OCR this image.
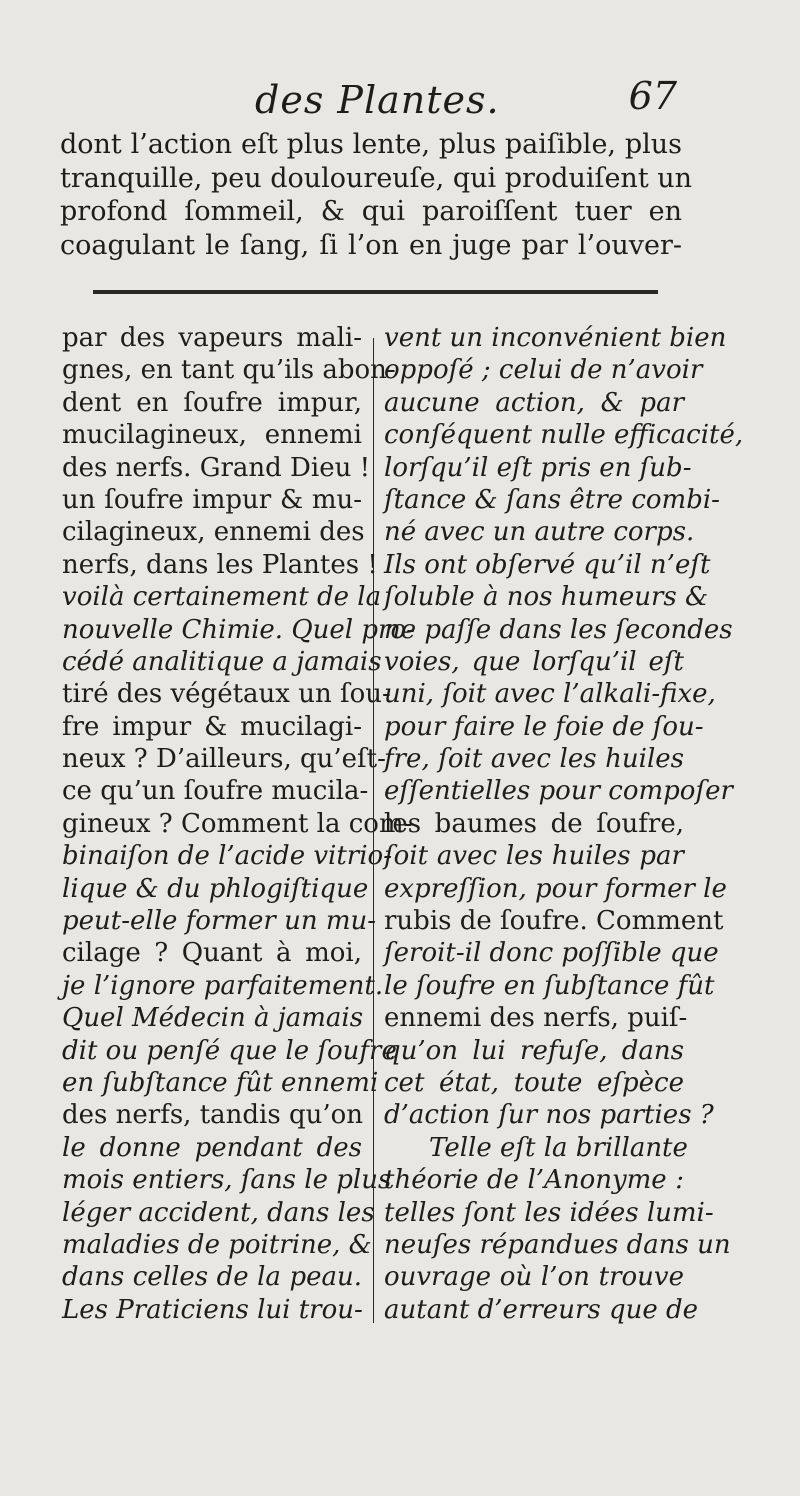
des Plantes.	67
dont l’action eſt plus lente, plus paiſible, plus
tranquille, peu douloureuſe, qui produiſent un
profond ſommeil, & qui paroiſſent tuer en
coagulant le ſang, ſi l’on en juge par l’ouver-
par des vapeurs mali-
gnes, en tant qu’ils abon-
dent en ſoufre impur,
mucilagineux, ennemi
des nerfs. Grand Dieu !
un ſoufre impur & mu-
cilagineux, ennemi des
nerfs, dans les Plantes !
voilà certainement de la
nouvelle Chimie. Quel pro-
cédé analitique a jamais
tiré des végétaux un ſou-
fre impur & mucilagi-
neux ? D’ailleurs, qu’eſt-
ce qu’un ſoufre mucila-
gineux ? Comment la com-
binaiſon de l’acide vitrio-
lique & du phlogiſtique
peut-elle former un mu-
cilage ? Quant à moi,
je l’ignore parfaitement.
Quel Médecin à jamais
dit ou penſé que le ſoufre
en ſubſtance fût ennemi
des nerfs, tandis qu’on
le donne pendant des
mois entiers, ſans le plus
léger accident, dans les
maladies de poitrine, &
dans celles de la peau.
Les Praticiens lui trou-
vent un inconvénient bien
oppoſé ; celui de n’avoir
aucune action, & par
conſéquent nulle efficacité,
lorſqu’il eſt pris en ſub-
ſtance & ſans être combi-
né avec un autre corps.
Ils ont obſervé qu’il n’eſt
ſoluble à nos humeurs &
ne paſſe dans les ſecondes
voies, que lorſqu’il eſt
uni, ſoit avec l’alkali-fixe,
pour faire le foie de ſou-
fre, ſoit avec les huiles
eſſentielles pour compoſer
les baumes de ſoufre,
ſoit avec les huiles par
expreſſion, pour former le
rubis de ſoufre. Comment
ſeroit-il donc poſſible que
le ſoufre en ſubſtance fût
ennemi des nerfs, puiſ-
qu’on lui refuſe, dans
cet état, toute eſpèce
d’action ſur nos parties ?
Telle eſt la brillante
théorie de l’Anonyme :
telles ſont les idées lumi-
neuſes répandues dans un
ouvrage où l’on trouve
autant d’erreurs que de
